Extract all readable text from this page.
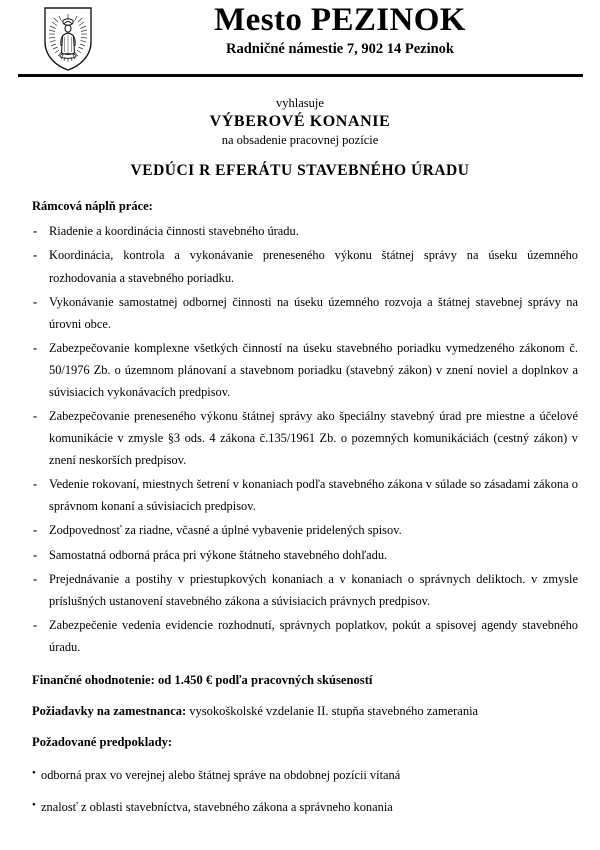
Mesto PEZINOK
Radničné námestie 7, 902 14 Pezinok
vyhlasuje
VÝBEROVÉ KONANIE
na obsadenie pracovnej pozície
VEDÚCI R EFERÁTU STAVEBNÉHO ÚRADU
Rámcová náplň práce:
- Riadenie a koordinácia činnosti stavebného úradu.
- Koordinácia, kontrola a vykonávanie preneseného výkonu štátnej správy na úseku územného rozhodovania a stavebného poriadku.
- Vykonávanie samostatnej odbornej činnosti na úseku územného rozvoja a štátnej stavebnej správy na úrovni obce.
- Zabezpečovanie komplexne všetkých činností na úseku stavebného poriadku vymedzeného zákonom č. 50/1976 Zb. o územnom plánovaní a stavebnom poriadku (stavebný zákon) v znení noviel a doplnkov a súvisiacich vykonávacích predpisov.
- Zabezpečovanie preneseného výkonu štátnej správy ako špeciálny stavebný úrad pre miestne a účelové komunikácie v zmysle §3 ods. 4 zákona č.135/1961 Zb. o pozemných komunikáciách (cestný zákon) v znení neskorších predpisov.
- Vedenie rokovaní, miestnych šetrení v konaniach podľa stavebného zákona v súlade so zásadami zákona o správnom konaní a súvisiacich predpisov.
- Zodpovednosť za riadne, včasné a úplné vybavenie pridelených spisov.
- Samostatná odborná práca pri výkone štátneho stavebného dohľadu.
- Prejednávanie a postihy v priestupkových konaniach a v konaniach o správnych deliktoch. v zmysle príslušných ustanovení stavebného zákona a súvisiacich právnych predpisov.
- Zabezpečenie vedenia evidencie rozhodnutí, správnych poplatkov, pokút a spisovej agendy stavebného úradu.
Finančné ohodnotenie: od 1.450 € podľa pracovných skúseností
Požiadavky na zamestnanca: vysokoškolské vzdelanie II. stupňa stavebného zamerania
Požadované predpoklady:
• odborná prax vo verejnej alebo štátnej správe na obdobnej pozícii vítaná
• znalosť z oblasti stavebníctva, stavebného zákona a správneho konania
